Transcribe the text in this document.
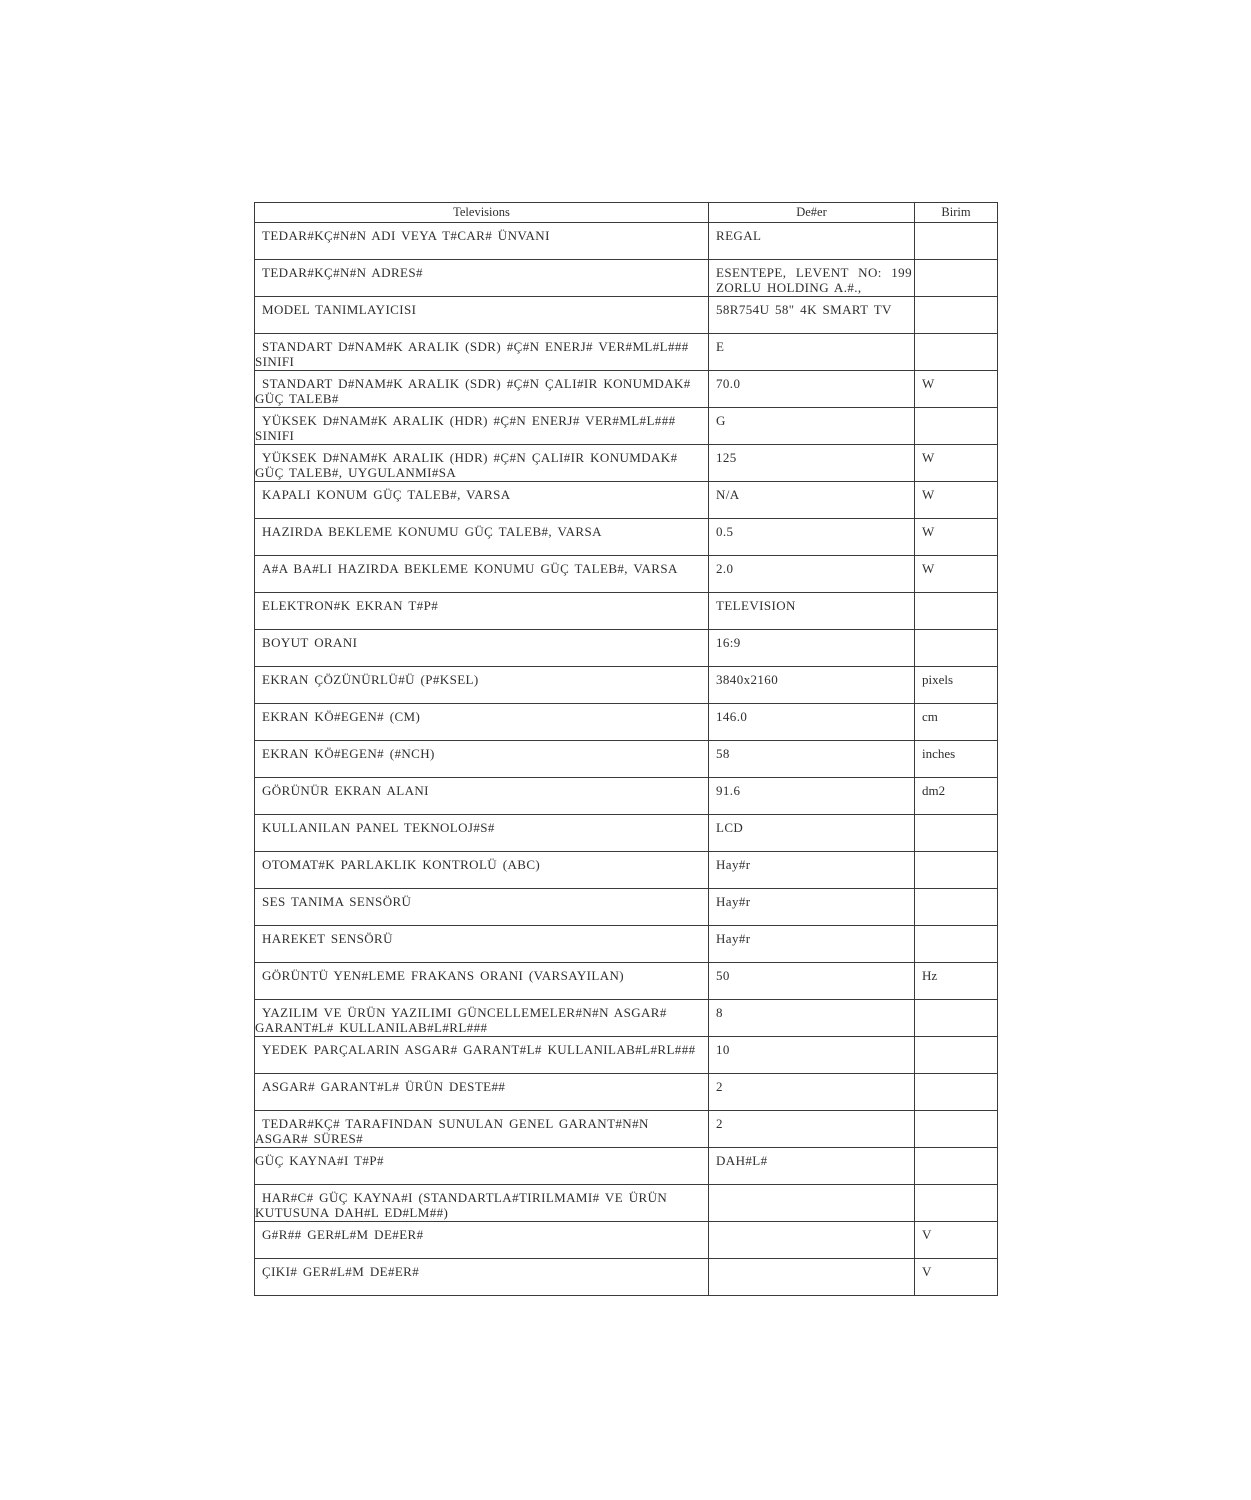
Televisions	De#er	Birim

TEDAR#KÇ#N#N ADI VEYA T#CAR# ÜNVANI	REGAL	

TEDAR#KÇ#N#N ADRES#	ESENTEPE, LEVENT NO: 199 ZORLU HOLDING A.#.,	

MODEL TANIMLAYICISI	58R754U 58" 4K SMART TV	

STANDART D#NAM#K ARALIK (SDR) #Ç#N ENERJ# VER#ML#L### SINIFI	E	

STANDART D#NAM#K ARALIK (SDR) #Ç#N ÇALI#IR KONUMDAK# GÜÇ TALEB#	70.0	W

YÜKSEK D#NAM#K ARALIK (HDR) #Ç#N ENERJ# VER#ML#L### SINIFI	G	

YÜKSEK D#NAM#K ARALIK (HDR) #Ç#N ÇALI#IR KONUMDAK# GÜÇ TALEB#, UYGULANMI#SA	125	W

KAPALI KONUM GÜÇ TALEB#, VARSA	N/A	W

HAZIRDA BEKLEME KONUMU GÜÇ TALEB#, VARSA	0.5	W

A#A BA#LI HAZIRDA BEKLEME KONUMU GÜÇ TALEB#, VARSA	2.0	W

ELEKTRON#K EKRAN T#P#	TELEVISION	

BOYUT ORANI	16:9	

EKRAN ÇÖZÜNÜRLÜ#Ü (P#KSEL)	3840x2160	pixels

EKRAN KÖ#EGEN# (CM)	146.0	cm

EKRAN KÖ#EGEN# (#NCH)	58	inches

GÖRÜNÜR EKRAN ALANI	91.6	dm2

KULLANILAN PANEL TEKNOLOJ#S#	LCD	

OTOMAT#K PARLAKLIK KONTROLÜ (ABC)	Hay#r	

SES TANIMA SENSÖRÜ	Hay#r	

HAREKET SENSÖRÜ	Hay#r	

GÖRÜNTÜ YEN#LEME FRAKANS ORANI (VARSAYILAN)	50	Hz

YAZILIM VE ÜRÜN YAZILIMI GÜNCELLEMELER#N#N ASGAR# GARANT#L# KULLANILAB#L#RL###	8	

YEDEK PARÇALARIN ASGAR# GARANT#L# KULLANILAB#L#RL###	10	

ASGAR# GARANT#L# ÜRÜN DESTE##	2	

TEDAR#KÇ# TARAFINDAN SUNULAN GENEL GARANT#N#N ASGAR# SÜRES#	2	

GÜÇ KAYNA#I T#P#	DAH#L#	

HAR#C# GÜÇ KAYNA#I (STANDARTLA#TIRILMAMI# VE ÜRÜN KUTUSUNA DAH#L ED#LM##)		

G#R## GER#L#M DE#ER#		V

ÇIKI# GER#L#M DE#ER#		V
